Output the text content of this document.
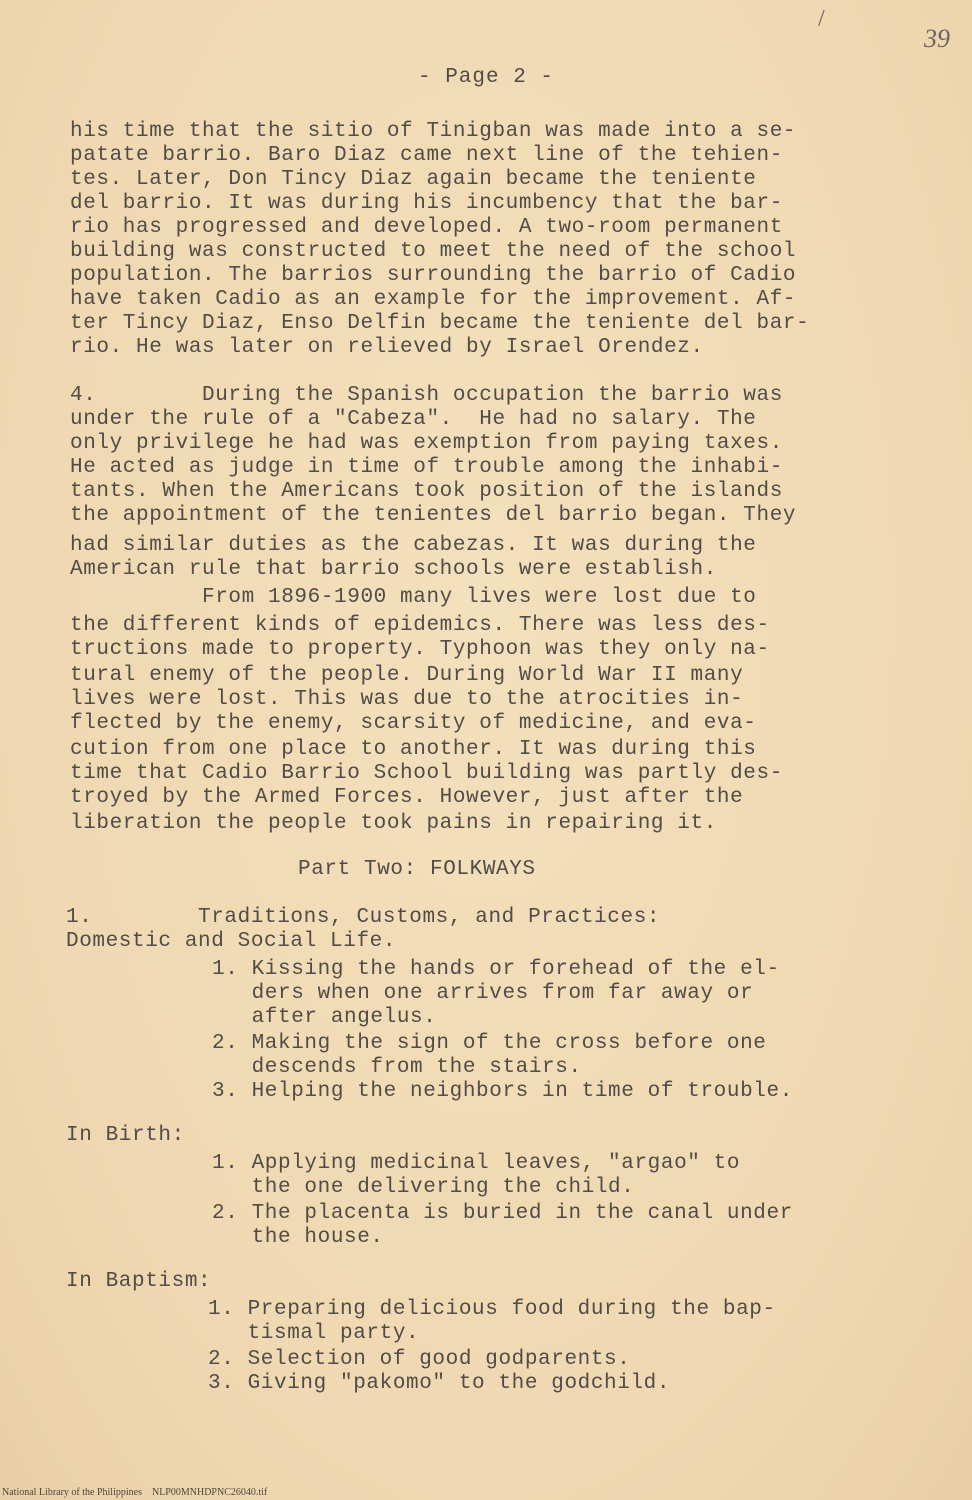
/
39
- Page 2 -
his time that the sitio of Tinigban was made into a se-
patate barrio. Baro Diaz came next line of the tehien-
tes. Later, Don Tincy Diaz again became the teniente
del barrio. It was during his incumbency that the bar-
rio has progressed and developed. A two-room permanent
building was constructed to meet the need of the school
population. The barrios surrounding the barrio of Cadio
have taken Cadio as an example for the improvement. Af-
ter Tincy Diaz, Enso Delfin became the teniente del bar-
rio. He was later on relieved by Israel Orendez.
4.        During the Spanish occupation the barrio was
under the rule of a "Cabeza".  He had no salary. The
only privilege he had was exemption from paying taxes.
He acted as judge in time of trouble among the inhabi-
tants. When the Americans took position of the islands
the appointment of the tenientes del barrio began. They
had similar duties as the cabezas. It was during the
American rule that barrio schools were establish.
From 1896-1900 many lives were lost due to
the different kinds of epidemics. There was less des-
tructions made to property. Typhoon was they only na-
tural enemy of the people. During World War II many
lives were lost. This was due to the atrocities in-
flected by the enemy, scarsity of medicine, and eva-
cution from one place to another. It was during this
time that Cadio Barrio School building was partly des-
troyed by the Armed Forces. However, just after the
liberation the people took pains in repairing it.
Part Two: FOLKWAYS
1.        Traditions, Customs, and Practices:
Domestic and Social Life.
1. Kissing the hands or forehead of the el-
ders when one arrives from far away or
after angelus.
2. Making the sign of the cross before one
descends from the stairs.
3. Helping the neighbors in time of trouble.
In Birth:
1. Applying medicinal leaves, "argao" to
the one delivering the child.
2. The placenta is buried in the canal under
the house.
In Baptism:
1. Preparing delicious food during the bap-
tismal party.
2. Selection of good godparents.
3. Giving "pakomo" to the godchild.
National Library of the Philippines    NLP00MNHDPNC26040.tif
